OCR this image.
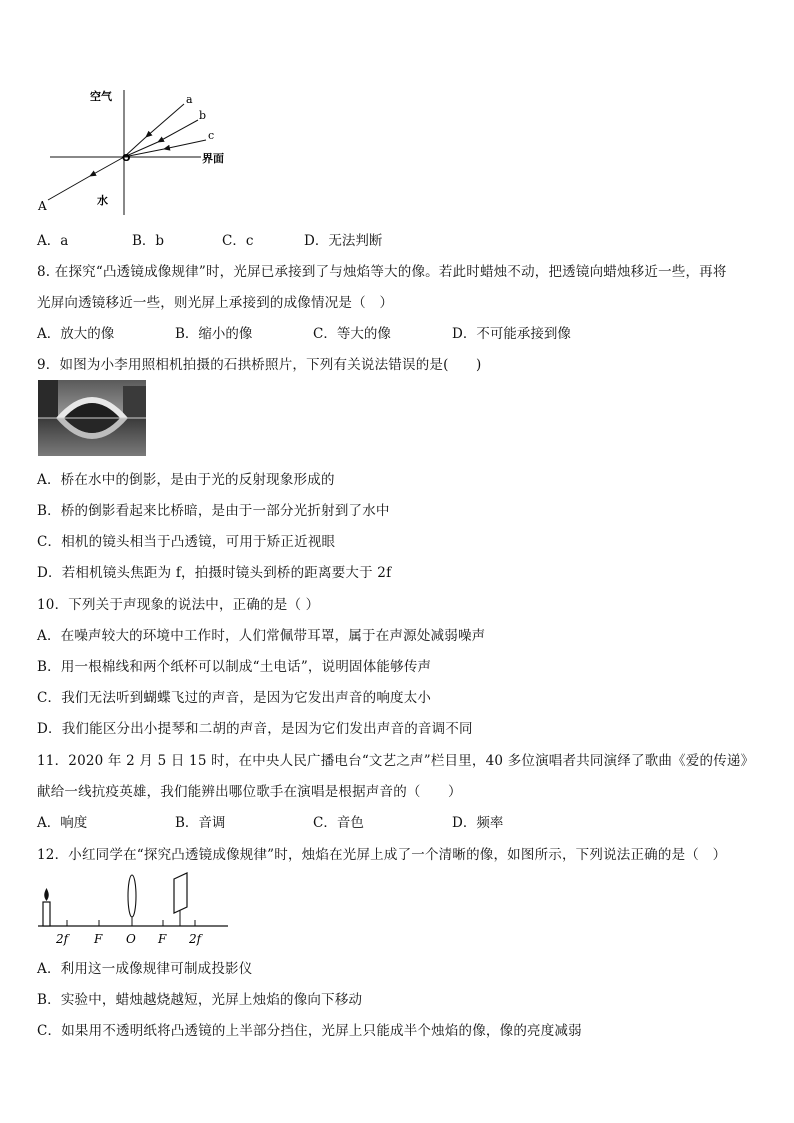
空气
水
界面
O
a
b
c
A
A．a	B．b	C．c	D．无法判断
8. 在探究“凸透镜成像规律”时，光屏已承接到了与烛焰等大的像。若此时蜡烛不动，把透镜向蜡烛移近一些，再将
光屏向透镜移近一些，则光屏上承接到的成像情况是（　）
A．放大的像	B．缩小的像	C．等大的像	D．不可能承接到像
9．如图为小李用照相机拍摄的石拱桥照片，下列有关说法错误的是(　　)
A．桥在水中的倒影，是由于光的反射现象形成的
B．桥的倒影看起来比桥暗，是由于一部分光折射到了水中
C．相机的镜头相当于凸透镜，可用于矫正近视眼
D．若相机镜头焦距为 f，拍摄时镜头到桥的距离要大于 2f
10．下列关于声现象的说法中，正确的是（ ）
A．在噪声较大的环境中工作时，人们常佩带耳罩，属于在声源处减弱噪声
B．用一根棉线和两个纸杯可以制成“土电话”，说明固体能够传声
C．我们无法听到蝴蝶飞过的声音，是因为它发出声音的响度太小
D．我们能区分出小提琴和二胡的声音，是因为它们发出声音的音调不同
11．2020 年 2 月 5 日 15 时，在中央人民广播电台“文艺之声”栏目里，40 多位演唱者共同演绎了歌曲《爱的传递》
献给一线抗疫英雄，我们能辨出哪位歌手在演唱是根据声音的（　　）
A．响度	B．音调	C．音色	D．频率
12．小红同学在“探究凸透镜成像规律”时，烛焰在光屏上成了一个清晰的像，如图所示，下列说法正确的是（　）
2f F O F 2f
A．利用这一成像规律可制成投影仪
B．实验中，蜡烛越烧越短，光屏上烛焰的像向下移动
C．如果用不透明纸将凸透镜的上半部分挡住，光屏上只能成半个烛焰的像，像的亮度减弱
